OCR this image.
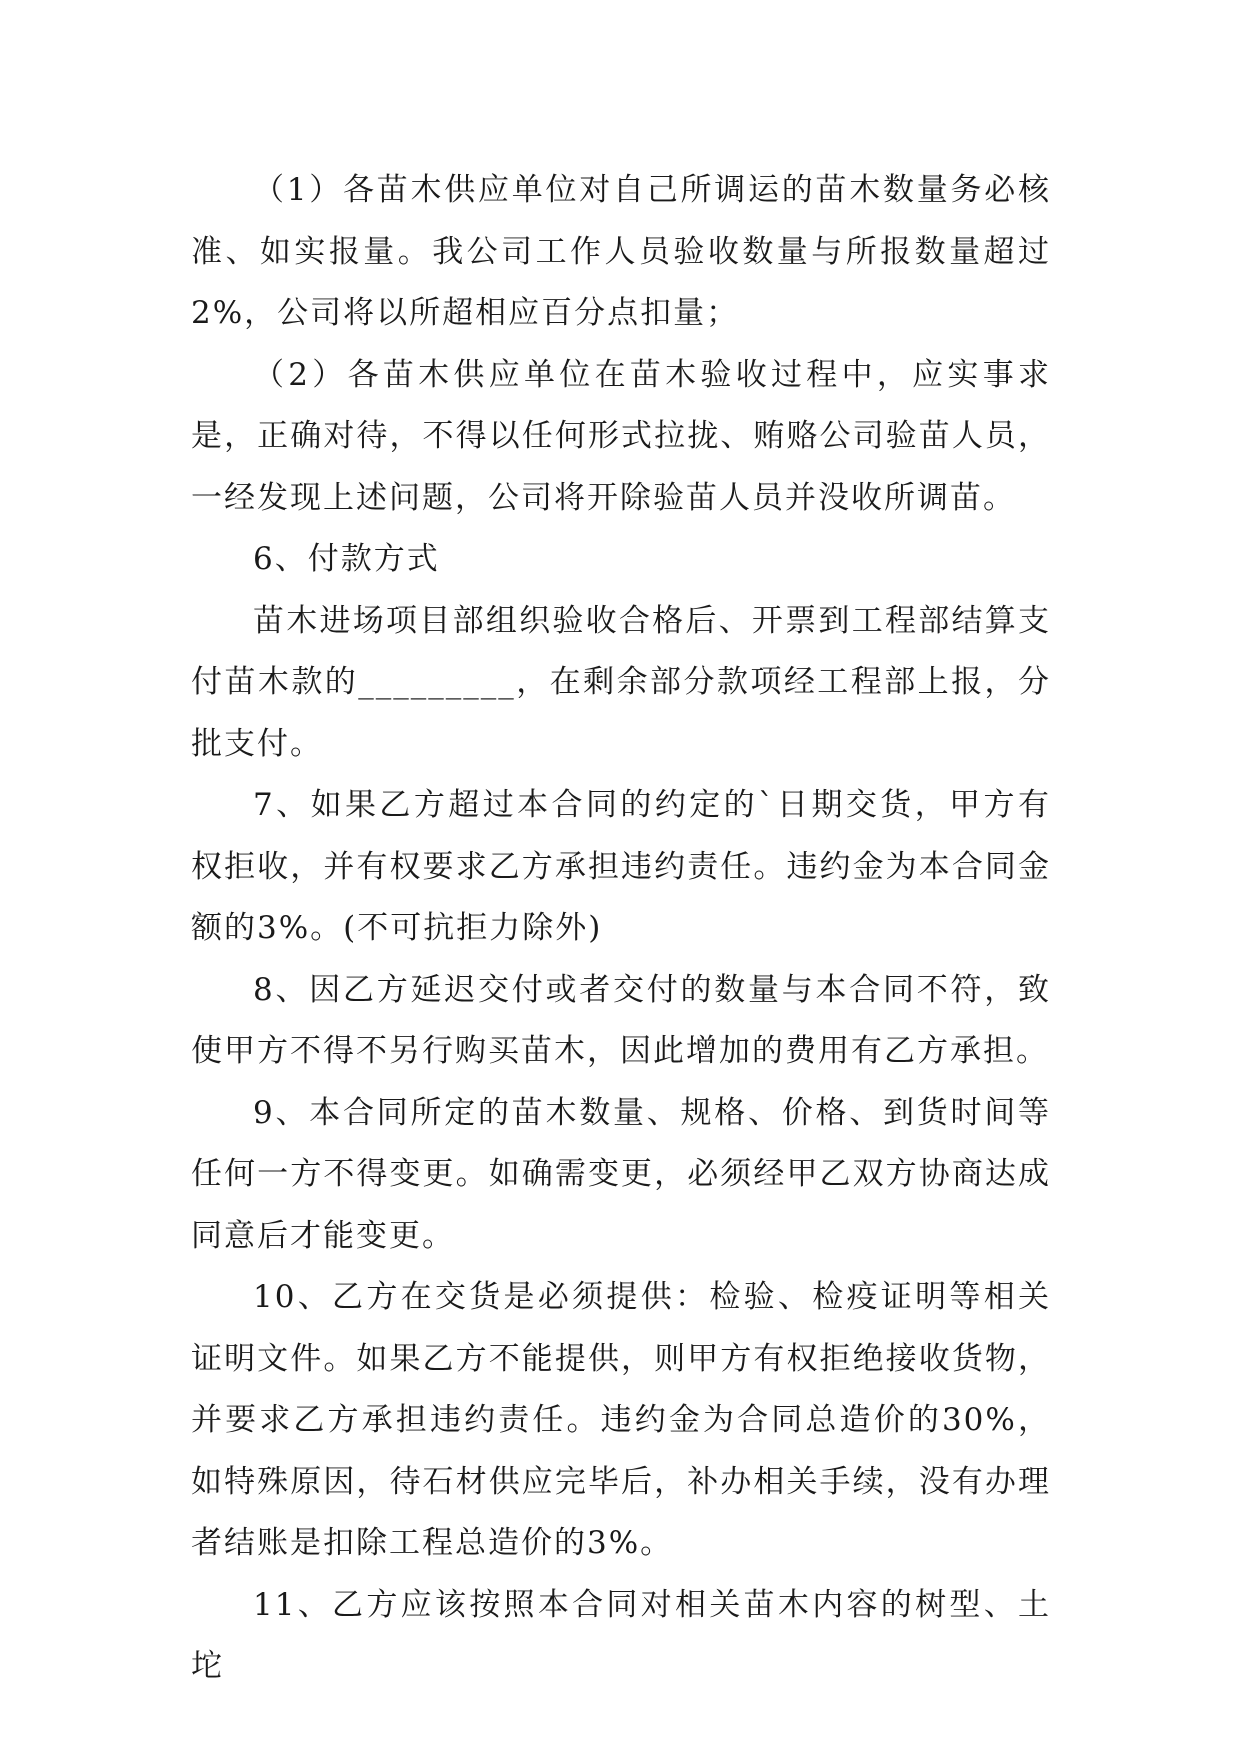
（1）各苗木供应单位对自己所调运的苗木数量务必核准、如实报量。我公司工作人员验收数量与所报数量超过2%，公司将以所超相应百分点扣量；

（2）各苗木供应单位在苗木验收过程中，应实事求是，正确对待，不得以任何形式拉拢、贿赂公司验苗人员，一经发现上述问题，公司将开除验苗人员并没收所调苗。

6、付款方式

苗木进场项目部组织验收合格后、开票到工程部结算支付苗木款的_________，在剩余部分款项经工程部上报，分批支付。

7、如果乙方超过本合同的约定的`日期交货，甲方有权拒收，并有权要求乙方承担违约责任。违约金为本合同金额的3%。(不可抗拒力除外)

8、因乙方延迟交付或者交付的数量与本合同不符，致使甲方不得不另行购买苗木，因此增加的费用有乙方承担。

9、本合同所定的苗木数量、规格、价格、到货时间等任何一方不得变更。如确需变更，必须经甲乙双方协商达成同意后才能变更。

10、乙方在交货是必须提供：检验、检疫证明等相关证明文件。如果乙方不能提供，则甲方有权拒绝接收货物，并要求乙方承担违约责任。违约金为合同总造价的30%，如特殊原因，待石材供应完毕后，补办相关手续，没有办理者结账是扣除工程总造价的3%。

11、乙方应该按照本合同对相关苗木内容的树型、土坨
